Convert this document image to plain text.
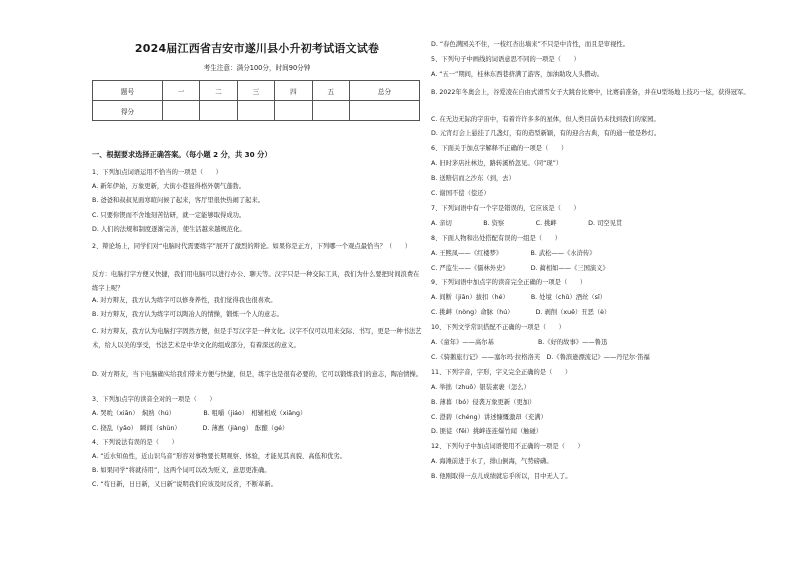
2024届江西省吉安市遂川县小升初考试语文试卷
考生注意：满分100分，时间90分钟
题号	一	二	三	四	五	总分
得分						
一、根据要求选择正确答案。（每小题 2 分，共 30 分）
1、下列加点词语运用不恰当的一项是（　　）
A. 新年伊始，万象更新，大街小巷显得格外朝气蓬勃。
B. 爸爸和叔叔见面寒暄问候了起来，客厅里很快热闹了起来。
C. 只要你锲而不舍地刻苦钻研，就一定能够取得成功。
D. 人们的法规和制度逐渐完善，使生活越来越规范化。
2、辩论场上，同学们对“电脑时代需要练字”展开了激烈的辩论。如果你是正方，下列哪一个观点最恰当？（　　）
反方：电脑打字方便又快捷，我们用电脑可以进行办公、聊天等。汉字只是一种交际工具，我们为什么要把时间浪费在练字上呢？
A. 对方辩友，我方认为练字可以修身养性，我们觉得我也很喜欢。
B. 对方辩友，我方认为练字可以陶冶人的情操，锻炼一个人的意志。
C. 对方辩友，我方认为电脑打字固然方便，但是手写汉字是一种文化。汉字不仅可以用来交际、书写，更是一种书法艺术，给人以美的享受，书法艺术是中华文化的组成部分，有着深远的意义。
D. 对方辩友，当下电脑确实给我们带来方便与快捷，但是，练字也是很有必要的，它可以锻炼我们的意志，陶冶情操。
3、下列加点字的读音全对的一项是（　　）
A. 哭吮（xiān）　焖熟（hú）　　　　　B. 咀嚼（jiáo）　相辅相成（xiāng）
C. 挠乱（yǎo）　瞬间（shùn）　　　　D. 薄惠（jiàng）　酝酿（gé）
4、下列说法有误的是（　　）
A. “近水知鱼性，近山识鸟音”形容对事物要长期观察、体验，才能见其真貌、高低和优劣。
B. 如果同学“将就待用”，这两个词可以改为贬义，意思更准确。
C. “苟日新，日日新，又日新”说明我们应该及时反省，不断革新。
D. “春色满园关不住，一枝红杏出墙来”不只是中肯性，而且是审视性。
5、下列句子中画线的词语意思不同的一项是（　　）
A. “五一”期间，桂林东西巷挤满了游客，加油助攻人头攒动。
B. 2022年冬奥会上，谷爱凌在自由式滑雪女子大跳台比赛中，比赛前准备，并在U型场地上技巧一炫，获得冠军。
C. 在无边无际的宇宙中，有着许许多多的星体，但人类目前仍未找到我们的家园。
D. 元宵灯会上悬挂了几盏灯，有的造型新颖，有的迎合古典，有的通一般是秒灯。
6、下面关于加点字解释不正确的一项是（　　）
A. 旧时茅店社林边，路转溪桥忽见。（同“现”）
B. 送赔信而之沙东（到，去）
C. 谢国不偿（偿还）
7、下列词语中有一个字是错误的，它应该是（　　）
A. 亲切　　　　　B. 资察　　　　　C. 挑衅　　　　　D. 司空见贯
8、下面人物和出处搭配有误的一组是（　　）
A. 王熙凤——《红楼梦》　　　　　B. 武松——《水浒传》
C. 严监生——《儒林外史》　　　　D. 蔺相如——《三国演义》
9、下列词语中加点字的读音完全正确的一项是（　　）
A. 间断（jiān）拔扣（hé）　　　　B. 处境（chǔ）酒丝（sī）
C. 挑衅（nòng）命脉（hú）　　　　D. 剥削（xuē）丑恶（è）
10、下列文学常识搭配不正确的一项是（　　）
A.《童年》——高尔基　　　　　　　B.《好的故事》——鲁迅
C.《骑鹅旅行记》——塞尔玛·拉格洛芙　D.《鲁滨逊漂流记》——丹尼尔·笛福
11、下列字音，字形，字义完全正确的是（　　）
A. 举拙（zhuō）银装素裹（怎么）
B. 薄暮（bó）侵袭万象更新（更加）
C. 澄碧（chéng）讲述慷慨激昂（充满）
D. 匪徒（fěi）挑衅连连爆竹闻（触碰）
12、下列句子中加点词语使用不正确的一项是（　　）
A. 海滩前进于水了，排山倒海，气势磅礴。
B. 他刚取得一点儿成绩就忘乎所以，目中无人了。
